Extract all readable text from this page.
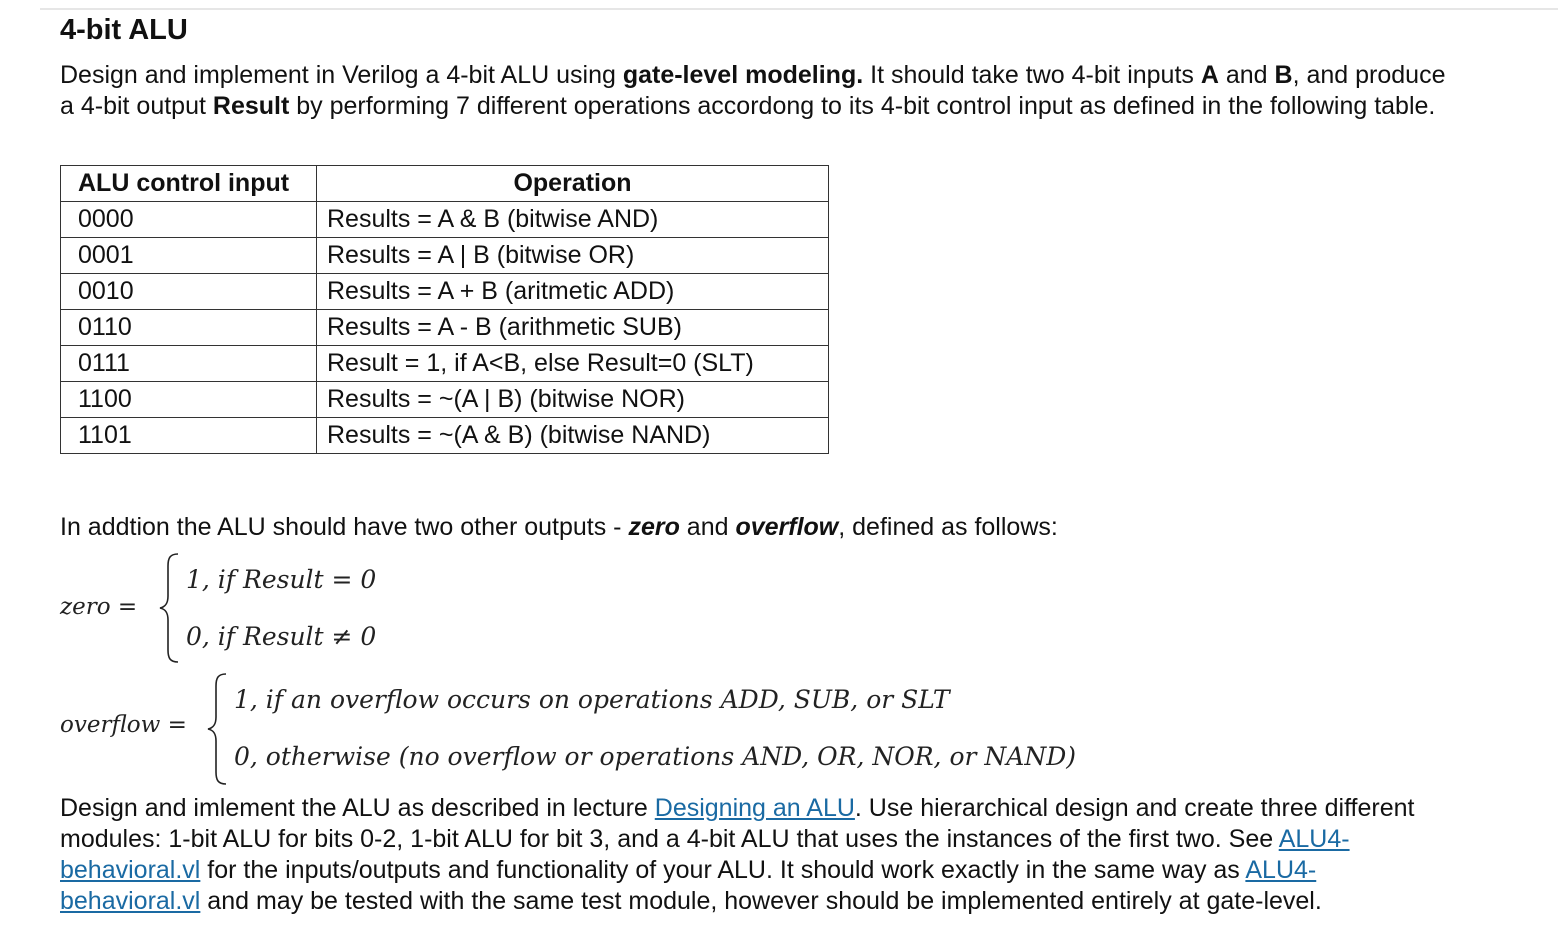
4-bit ALU

Design and implement in Verilog a 4-bit ALU using gate-level modeling. It should take two 4-bit inputs A and B, and produce a 4-bit output Result by performing 7 different operations accordong to its 4-bit control input as defined in the following table.

ALU control input	Operation
0000	Results = A & B (bitwise AND)
0001	Results = A | B (bitwise OR)
0010	Results = A + B (aritmetic ADD)
0110	Results = A - B (arithmetic SUB)
0111	Result = 1, if A<B, else Result=0 (SLT)
1100	Results = ~(A | B) (bitwise NOR)
1101	Results = ~(A & B) (bitwise NAND)

In addtion the ALU should have two other outputs - zero and overflow, defined as follows:

zero =
1, if Result = 0
0, if Result ≠ 0
overflow =
1, if an overflow occurs on operations ADD, SUB, or SLT
0, otherwise (no overflow or operations AND, OR, NOR, or NAND)

Design and imlement the ALU as described in lecture Designing an ALU. Use hierarchical design and create three different modules: 1-bit ALU for bits 0-2, 1-bit ALU for bit 3, and a 4-bit ALU that uses the instances of the first two. See ALU4-behavioral.vl for the inputs/outputs and functionality of your ALU. It should work exactly in the same way as ALU4-behavioral.vl and may be tested with the same test module, however should be implemented entirely at gate-level.
